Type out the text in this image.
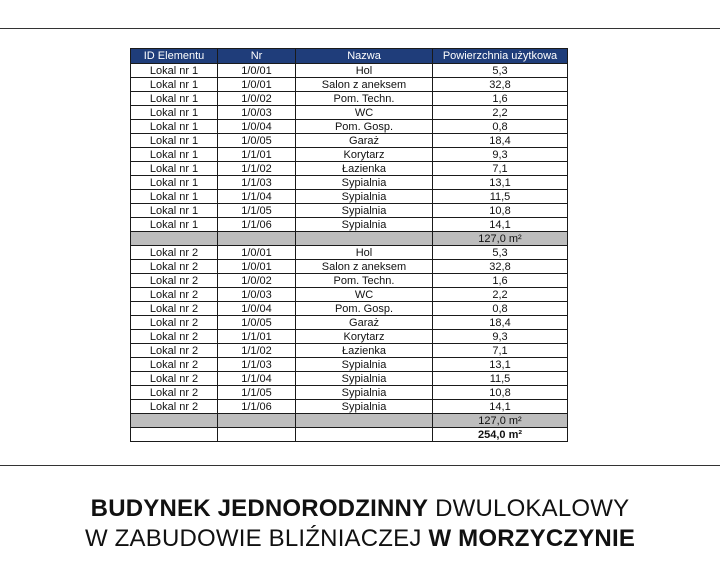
ID Elementu	Nr	Nazwa	Powierzchnia użytkowa
Lokal nr 1	1/0/01	Hol	5,3
Lokal nr 1	1/0/01	Salon z aneksem	32,8
Lokal nr 1	1/0/02	Pom. Techn.	1,6
Lokal nr 1	1/0/03	WC	2,2
Lokal nr 1	1/0/04	Pom. Gosp.	0,8
Lokal nr 1	1/0/05	Garaż	18,4
Lokal nr 1	1/1/01	Korytarz	9,3
Lokal nr 1	1/1/02	Łazienka	7,1
Lokal nr 1	1/1/03	Sypialnia	13,1
Lokal nr 1	1/1/04	Sypialnia	11,5
Lokal nr 1	1/1/05	Sypialnia	10,8
Lokal nr 1	1/1/06	Sypialnia	14,1
			127,0 m²
Lokal nr 2	1/0/01	Hol	5,3
Lokal nr 2	1/0/01	Salon z aneksem	32,8
Lokal nr 2	1/0/02	Pom. Techn.	1,6
Lokal nr 2	1/0/03	WC	2,2
Lokal nr 2	1/0/04	Pom. Gosp.	0,8
Lokal nr 2	1/0/05	Garaż	18,4
Lokal nr 2	1/1/01	Korytarz	9,3
Lokal nr 2	1/1/02	Łazienka	7,1
Lokal nr 2	1/1/03	Sypialnia	13,1
Lokal nr 2	1/1/04	Sypialnia	11,5
Lokal nr 2	1/1/05	Sypialnia	10,8
Lokal nr 2	1/1/06	Sypialnia	14,1
			127,0 m²
			254,0 m²
BUDYNEK JEDNORODZINNY DWULOKALOWY
W ZABUDOWIE BLIŹNIACZEJ W MORZYCZYNIE
